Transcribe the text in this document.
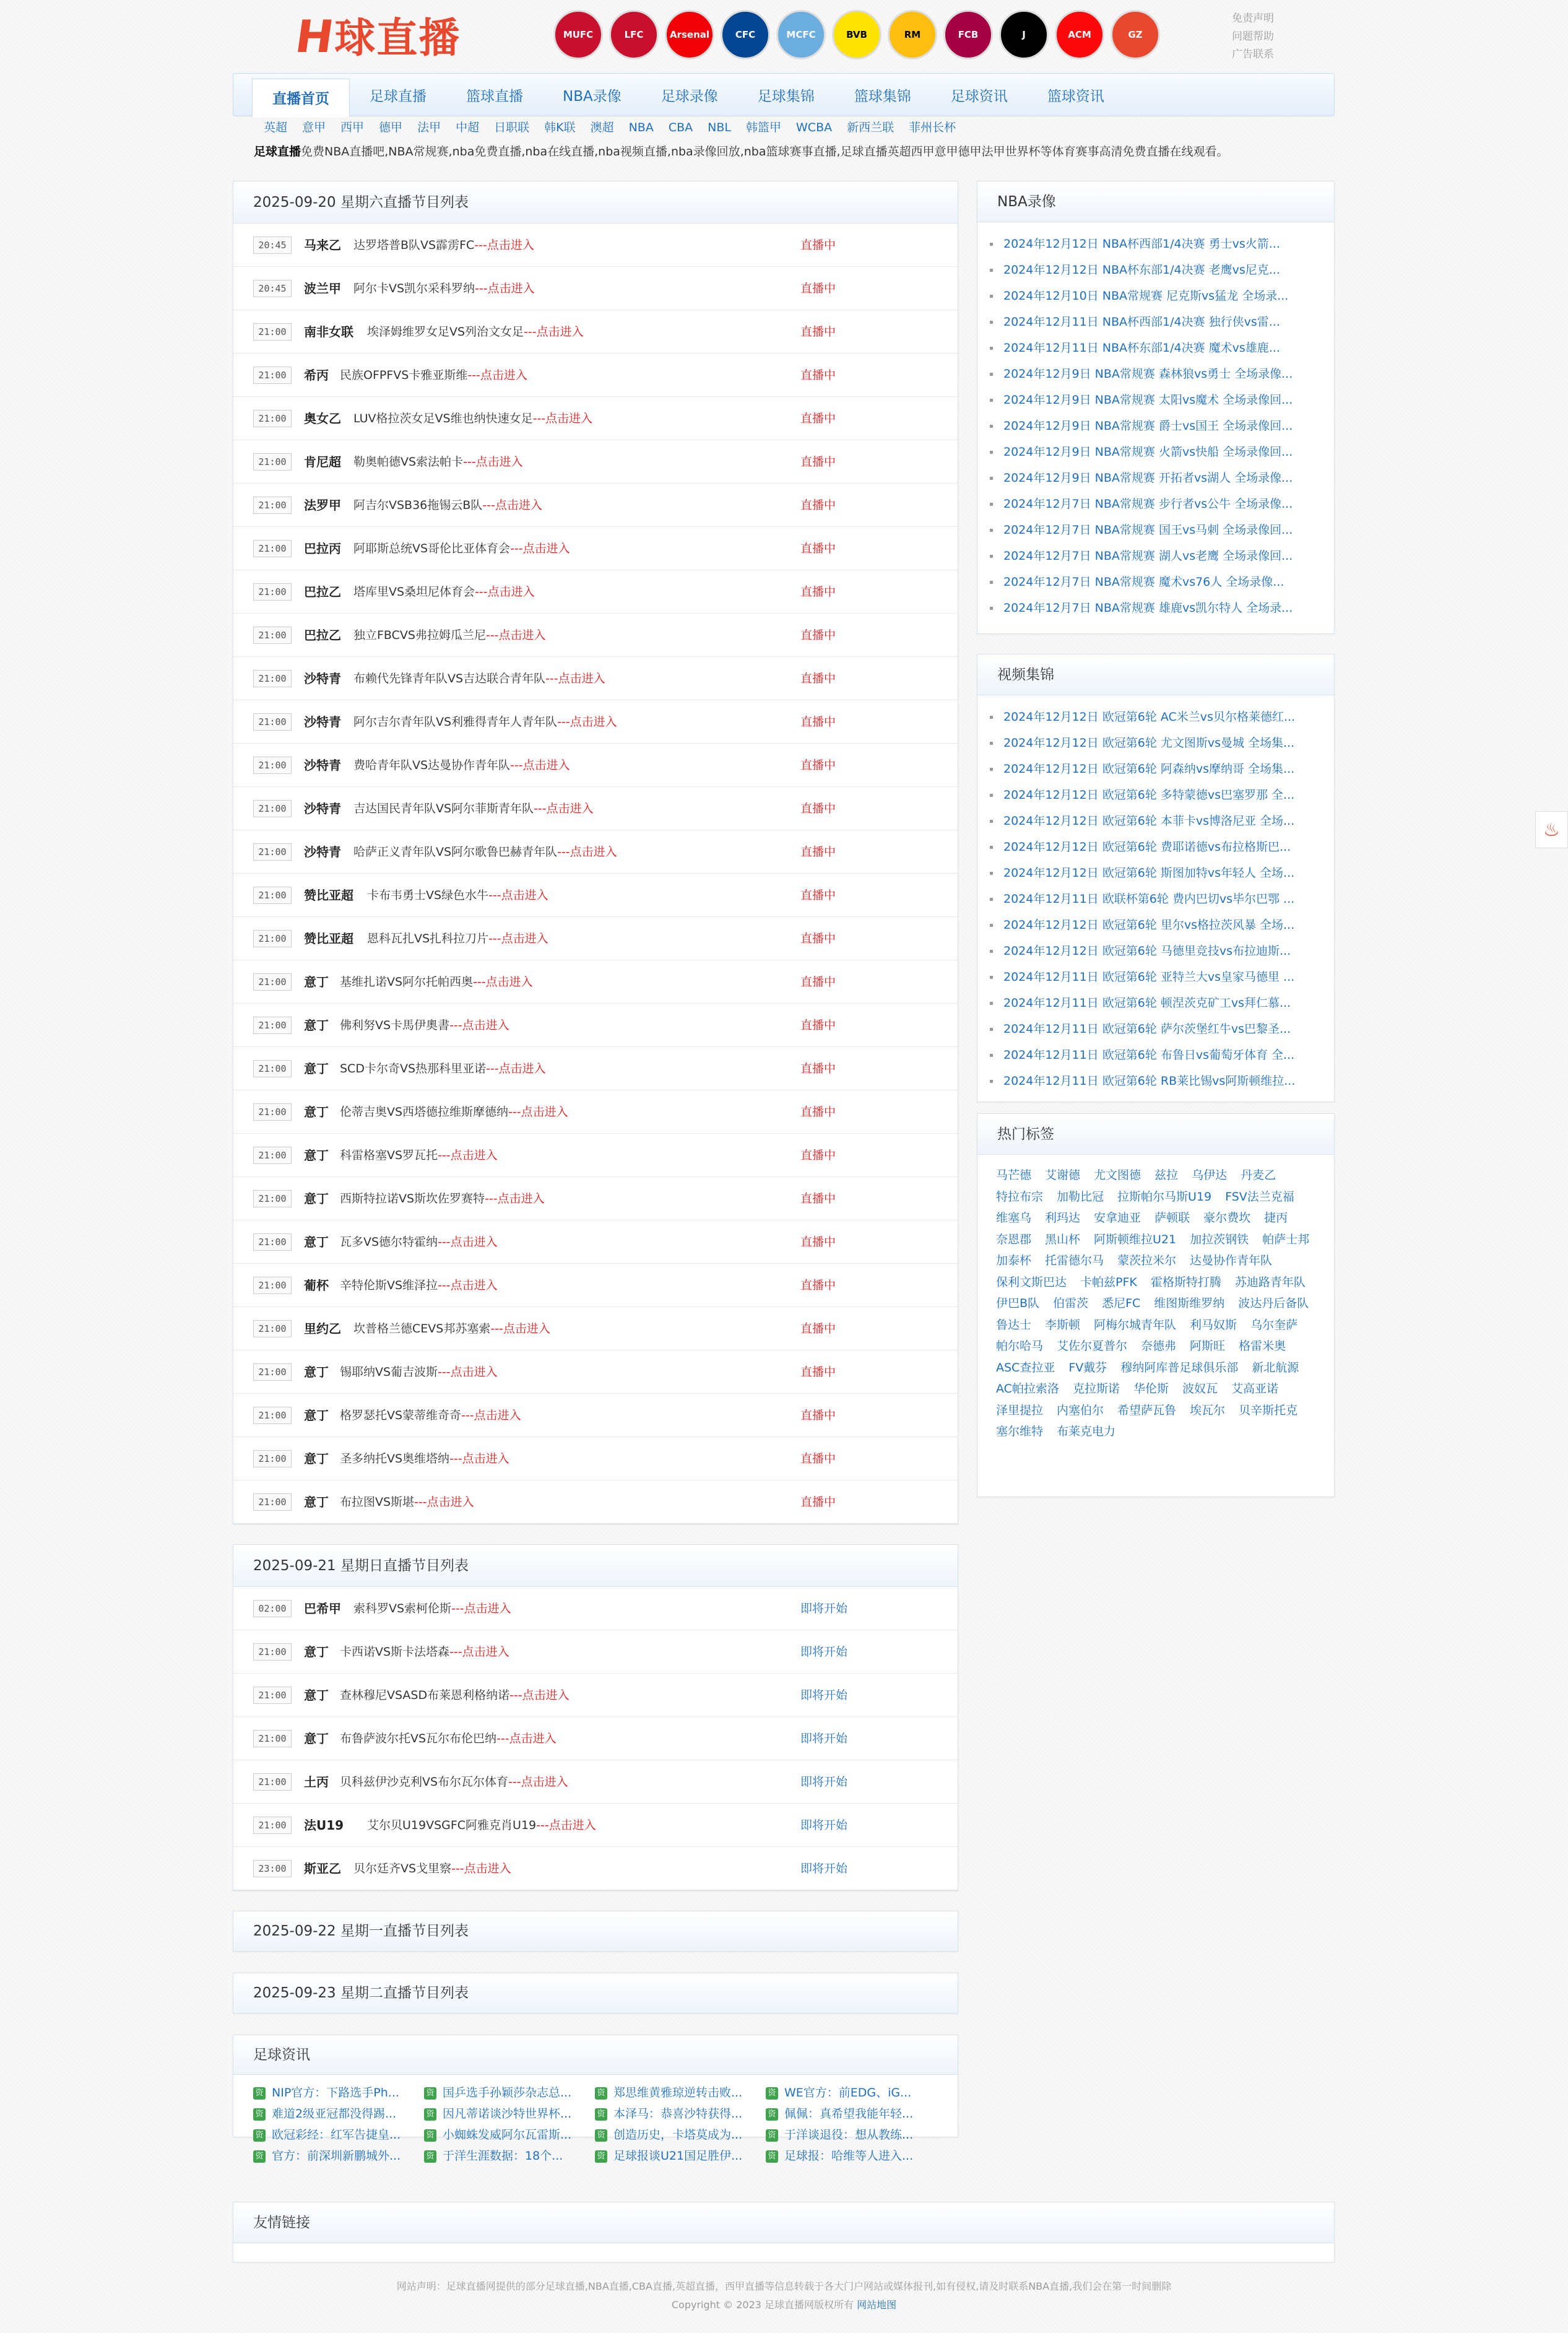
H球直播	MUFC	LFC	Arsenal	CFC	MCFC	BVB	RM	FCB	J	ACM	GZ
免责声明
问题帮助
广告联系
直播首页	足球直播	篮球直播	NBA录像	足球录像	足球集锦	篮球集锦	足球资讯	篮球资讯
英超 意甲 西甲 德甲 法甲 中超 日职联 韩K联 澳超 NBA CBA NBL 韩篮甲 WCBA 新西兰联 菲州长杯
足球直播免费NBA直播吧,NBA常规赛,nba免费直播,nba在线直播,nba视频直播,nba录像回放,nba篮球赛事直播,足球直播英超西甲意甲德甲法甲世界杯等体育赛事高清免费直播在线观看。
2025-09-20 星期六直播节目列表
20:45	马来乙 达罗塔普B队VS霹雳FC---点击进入	直播中
20:45	波兰甲 阿尔卡VS凯尔采科罗纳---点击进入	直播中
21:00	南非女联 埃泽姆维罗女足VS列治文女足---点击进入	直播中
21:00	希丙 民族OFPFVS卡雅亚斯维---点击进入	直播中
21:00	奥女乙 LUV格拉茨女足VS维也纳快速女足---点击进入	直播中
21:00	肯尼超 勒奥帕德VS索法帕卡---点击进入	直播中
21:00	法罗甲 阿吉尔VSB36拖锡云B队---点击进入	直播中
21:00	巴拉丙 阿耶斯总统VS哥伦比亚体育会---点击进入	直播中
21:00	巴拉乙 塔库里VS桑坦尼体育会---点击进入	直播中
21:00	巴拉乙 独立FBCVS弗拉姆瓜兰尼---点击进入	直播中
21:00	沙特青 布赖代先锋青年队VS吉达联合青年队---点击进入	直播中
21:00	沙特青 阿尔吉尔青年队VS利雅得青年人青年队---点击进入	直播中
21:00	沙特青 费哈青年队VS达曼协作青年队---点击进入	直播中
21:00	沙特青 吉达国民青年队VS阿尔菲斯青年队---点击进入	直播中
21:00	沙特青 哈萨正义青年队VS阿尔歌鲁巴赫青年队---点击进入	直播中
21:00	赞比亚超 卡布韦勇士VS绿色水牛---点击进入	直播中
21:00	赞比亚超 恩科瓦扎VS扎科拉刀片---点击进入	直播中
21:00	意丁 基维扎诺VS阿尔托帕西奥---点击进入	直播中
21:00	意丁 佛利努VS卡馬伊奧書---点击进入	直播中
21:00	意丁 SCD卡尔奇VS热那科里亚诺---点击进入	直播中
21:00	意丁 伦蒂吉奥VS西塔德拉维斯摩德纳---点击进入	直播中
21:00	意丁 科雷格塞VS罗瓦托---点击进入	直播中
21:00	意丁 西斯特拉诺VS斯坎佐罗赛特---点击进入	直播中
21:00	意丁 瓦多VS德尔特霍纳---点击进入	直播中
21:00	葡杯 辛特伦斯VS维泽拉---点击进入	直播中
21:00	里约乙 坎普格兰德CEVS邦苏塞索---点击进入	直播中
21:00	意丁 锡耶纳VS葡吉波斯---点击进入	直播中
21:00	意丁 格罗瑟托VS蒙蒂维奇奇---点击进入	直播中
21:00	意丁 圣多纳托VS奥维塔纳---点击进入	直播中
21:00	意丁 布拉图VS斯堪---点击进入	直播中
2025-09-21 星期日直播节目列表
02:00	巴希甲 索科罗VS索柯伦斯---点击进入	即将开始
21:00	意丁 卡西诺VS斯卡法塔森---点击进入	即将开始
21:00	意丁 查林穆尼VSASD布莱恩利格纳诺---点击进入	即将开始
21:00	意丁 布鲁萨波尔托VS瓦尔布伦巴纳---点击进入	即将开始
21:00	土丙 贝科兹伊沙克利VS布尔瓦尔体育---点击进入	即将开始
21:00	法U19 艾尔贝U19VSGFC阿雅克肖U19---点击进入	即将开始
23:00	斯亚乙 贝尔廷齐VS戈里察---点击进入	即将开始
2025-09-22 星期一直播节目列表
2025-09-23 星期二直播节目列表
足球资讯
资 NIP官方：下路选手Ph...	资 国乒选手孙颖莎杂志总...	资 郑思维黄雅琼逆转击败...	资 WE官方：前EDG、iG...
资 难道2级亚冠都没得踢...	资 因凡蒂诺谈沙特世界杯...	资 本泽马：恭喜沙特获得...	资 佩佩：真希望我能年轻...
资 欧冠彩经：红军告捷皇...	资 小蜘蛛发威阿尔瓦雷斯...	资 创造历史，卡塔莫成为...	资 于洋谈退役：想从教练...
资 官方：前深圳新鹏城外...	资 于洋生涯数据：18个...	资 足球报谈U21国足胜伊...	资 足球报：哈维等人进入...
友情链接
NBA录像
2024年12月12日 NBA杯西部1/4决赛 勇士vs火箭...
2024年12月12日 NBA杯东部1/4决赛 老鹰vs尼克...
2024年12月10日 NBA常规赛 尼克斯vs猛龙 全场录...
2024年12月11日 NBA杯西部1/4决赛 独行侠vs雷...
2024年12月11日 NBA杯东部1/4决赛 魔术vs雄鹿...
2024年12月9日 NBA常规赛 森林狼vs勇士 全场录像...
2024年12月9日 NBA常规赛 太阳vs魔术 全场录像回...
2024年12月9日 NBA常规赛 爵士vs国王 全场录像回...
2024年12月9日 NBA常规赛 火箭vs快船 全场录像回...
2024年12月9日 NBA常规赛 开拓者vs湖人 全场录像...
2024年12月7日 NBA常规赛 步行者vs公牛 全场录像...
2024年12月7日 NBA常规赛 国王vs马刺 全场录像回...
2024年12月7日 NBA常规赛 湖人vs老鹰 全场录像回...
2024年12月7日 NBA常规赛 魔术vs76人 全场录像...
2024年12月7日 NBA常规赛 雄鹿vs凯尔特人 全场录...
视频集锦
2024年12月12日 欧冠第6轮 AC米兰vs贝尔格莱德红...
2024年12月12日 欧冠第6轮 尤文图斯vs曼城 全场集...
2024年12月12日 欧冠第6轮 阿森纳vs摩纳哥 全场集...
2024年12月12日 欧冠第6轮 多特蒙德vs巴塞罗那 全...
2024年12月12日 欧冠第6轮 本菲卡vs博洛尼亚 全场...
2024年12月12日 欧冠第6轮 费耶诺德vs布拉格斯巴...
2024年12月12日 欧冠第6轮 斯图加特vs年轻人 全场...
2024年12月11日 欧联杯第6轮 费内巴切vs毕尔巴鄂 ...
2024年12月12日 欧冠第6轮 里尔vs格拉茨风暴 全场...
2024年12月12日 欧冠第6轮 马德里竞技vs布拉迪斯...
2024年12月11日 欧冠第6轮 亚特兰大vs皇家马德里 ...
2024年12月11日 欧冠第6轮 顿涅茨克矿工vs拜仁慕...
2024年12月11日 欧冠第6轮 萨尔茨堡红牛vs巴黎圣...
2024年12月11日 欧冠第6轮 布鲁日vs葡萄牙体育 全...
2024年12月11日 欧冠第6轮 RB莱比锡vs阿斯顿维拉...
热门标签
马芒德 艾谢德 尤文图德 兹拉 乌伊达 丹麦乙特拉布宗 加勒比冠 拉斯帕尔马斯U19 FSV法兰克福维塞乌 利玛达 安拿迪亚 萨顿联 豪尔费坎 捷丙奈恩郡 黑山杯 阿斯顿维拉U21 加拉茨钢铁 帕萨士邦加泰杯 托雷德尔马 蒙茨拉米尔 达曼协作青年队保利文斯巴达 卡帕兹PFK 霍格斯特打腾 苏迪路青年队伊巴B队 伯雷茨 悉尼FC 维图斯维罗纳 波达丹后备队鲁达士 李斯顿 阿梅尔城青年队 利马奴斯 乌尔奎萨帕尔哈马 艾佐尔夏普尔 奈德弗 阿斯旺 格雷米奥ASC查拉亚 FV戴芬 穆纳阿库普足球俱乐部 新北航源AC帕拉索洛 克拉斯诺 华伦斯 波奴瓦 艾高亚诺泽里提拉 内塞伯尔 希望萨瓦鲁 埃瓦尔 贝辛斯托克塞尔维特 布莱克电力
♨
网站声明：足球直播网提供的部分足球直播,NBA直播,CBA直播,英超直播，西甲直播等信息转载于各大门户网站或媒体报刊,如有侵权,请及时联系NBA直播,我们会在第一时间删除
Copyright © 2023 足球直播网版权所有 网站地图
